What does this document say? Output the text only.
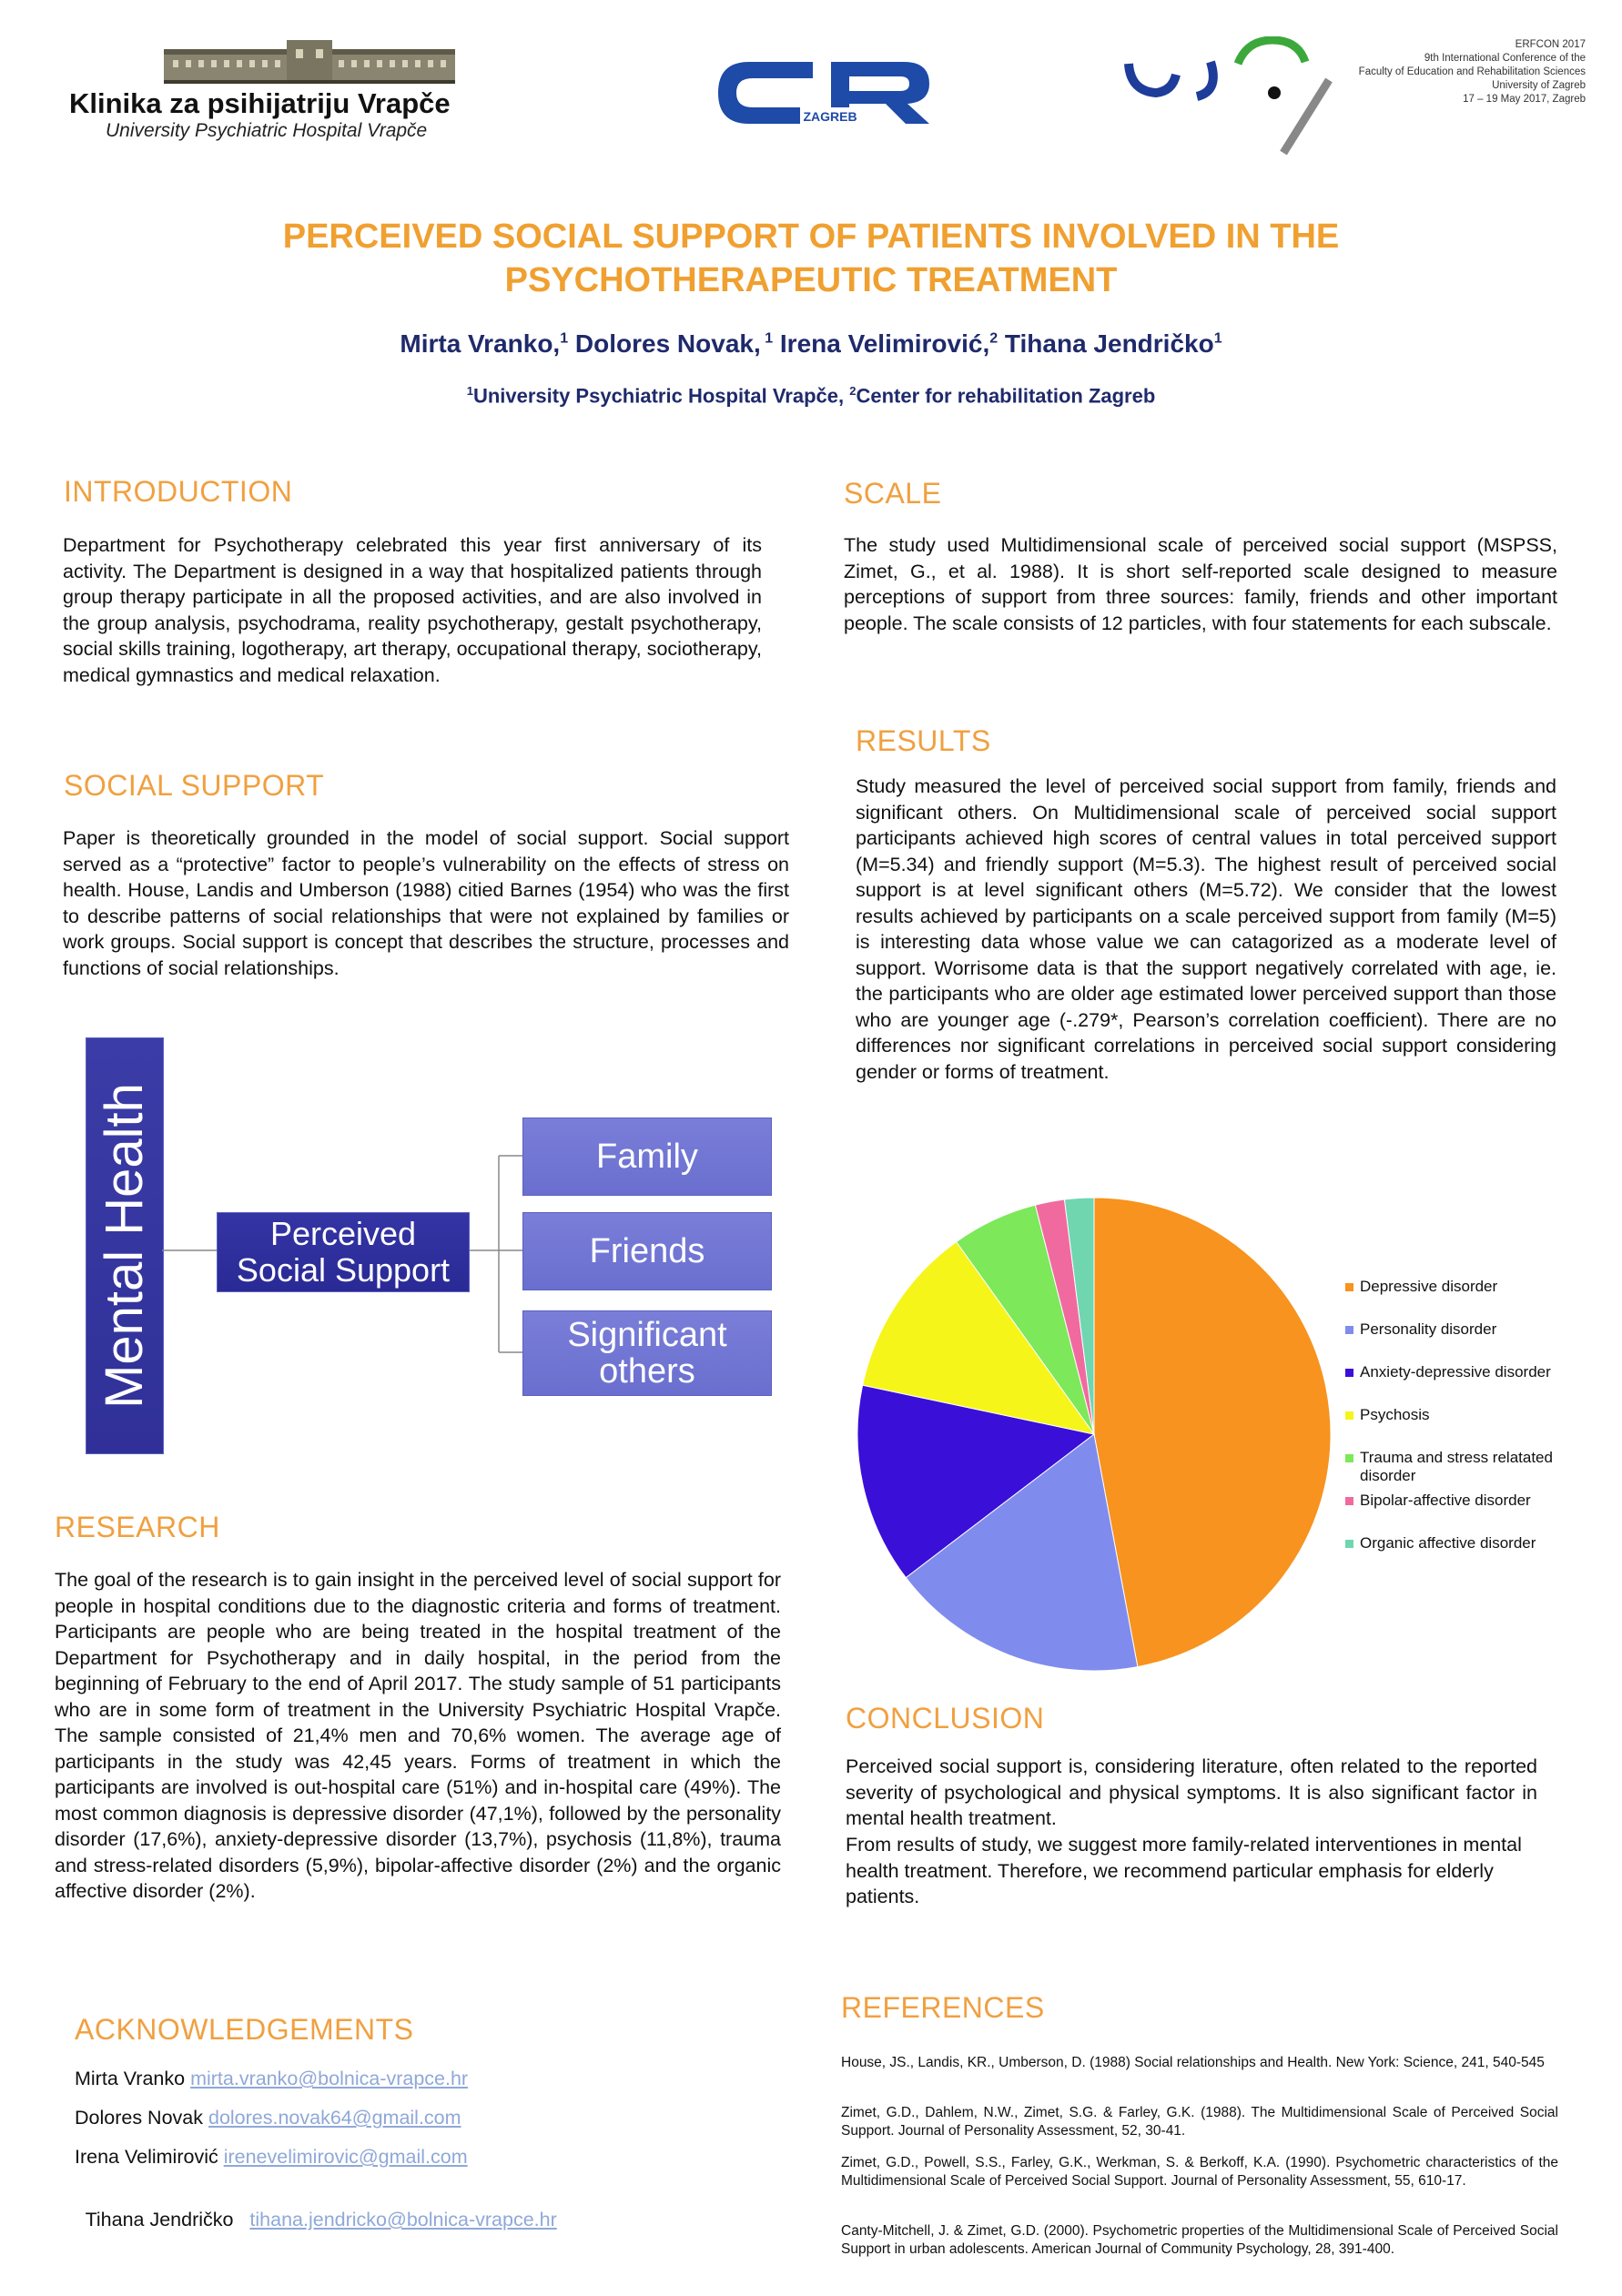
Klinika za psihijatriju Vrapče
University Psychiatric Hospital Vrapče
ZAGREB
ERFCON 2017
9th International Conference of the
Faculty of Education and Rehabilitation Sciences
University of Zagreb
17 – 19 May 2017, Zagreb
PERCEIVED SOCIAL SUPPORT OF PATIENTS INVOLVED IN THE
PSYCHOTHERAPEUTIC TREATMENT
Mirta Vranko,$^1$ Dolores Novak, $^1$ Irena Velimirović,$^2$ Tihana Jendričko$^1$
$^1$University Psychiatric Hospital Vrapče, $^2$Center for rehabilitation Zagreb
INTRODUCTION
Department for Psychotherapy celebrated this year first anniversary of its activity. The Department is designed in a way that hospitalized patients through group therapy participate in all the proposed activities, and are also involved in the group analysis, psychodrama, reality psychotherapy, gestalt psychotherapy, social skills training, logotherapy, art therapy, occupational therapy, sociotherapy, medical gymnastics and medical relaxation.
SOCIAL SUPPORT
Paper is theoretically grounded in the model of social support. Social support served as a “protective” factor to people’s vulnerability on the effects of stress on health. House, Landis and Umberson (1988) citied Barnes (1954) who was the first to describe patterns of social relationships that were not explained by families or work groups. Social support is concept that describes the structure, processes and functions of social relationships.
Mental Health	Perceived
Social Support
Family
Friends
Significant
others
RESEARCH
The goal of the research is to gain insight in the perceived level of social support for people in hospital conditions due to the diagnostic criteria and forms of treatment. Participants are people who are being treated in the hospital treatment of the Department for Psychotherapy and in daily hospital, in the period from the beginning of February to the end of April 2017. The study sample of 51 participants who are in some form of treatment in the University Psychiatric Hospital Vrapče. The sample consisted of 21,4% men and 70,6% women. The average age of participants in the study was 42,45 years. Forms of treatment in which the participants are involved is out-hospital care (51%) and in-hospital care (49%). The most common diagnosis is depressive disorder (47,1%), followed by the personality disorder (17,6%), anxiety-depressive disorder (13,7%), psychosis (11,8%), trauma and stress-related disorders (5,9%), bipolar-affective disorder (2%) and the organic affective disorder (2%).
SCALE
The study used Multidimensional scale of perceived social support (MSPSS, Zimet, G., et al. 1988). It is short self-reported scale designed to measure perceptions of support from three sources: family, friends and other important people. The scale consists of 12 particles, with four statements for each subscale.
RESULTS
Study measured the level of perceived social support from family, friends and significant others. On Multidimensional scale of perceived social support participants achieved high scores of central values in total perceived support (M=5.34) and friendly support (M=5.3). The highest result of perceived social support is at level significant others (M=5.72). We consider that the lowest results achieved by participants on a scale perceived support from family (M=5) is interesting data whose value we can catagorized as a moderate level of support. Worrisome data is that the support negatively correlated with age, ie. the participants who are older age estimated lower perceived support than those who are younger age (-.279*, Pearson’s correlation coefficient). There are no differences nor significant correlations in perceived social support considering gender or forms of treatment.
Depressive disorder
Personality disorder
Anxiety-depressive disorder
Psychosis
Trauma and stress relatated disorder
Bipolar-affective disorder
Organic affective disorder
CONCLUSION
Perceived social support is, considering literature, often related to the reported severity of psychological and physical symptoms. It is also significant factor in mental health treatment.
From results of study, we suggest more family-related interventiones in mental health treatment. Therefore, we recommend particular emphasis for elderly patients.
ACKNOWLEDGEMENTS
Mirta Vranko mirta.vranko@bolnica-vrapce.hr
Dolores Novak dolores.novak64@gmail.com
Irena Velimirović irenevelimirovic@gmail.com

Tihana Jendričko   tihana.jendricko@bolnica-vrapce.hr

REFERENCES
House, JS., Landis, KR., Umberson, D. (1988) Social relationships and Health. New York: Science, 241, 540-545
Zimet, G.D., Dahlem, N.W., Zimet, S.G. & Farley, G.K. (1988). The Multidimensional Scale of Perceived Social Support. Journal of Personality Assessment, 52, 30-41.
Zimet, G.D., Powell, S.S., Farley, G.K., Werkman, S. & Berkoff, K.A. (1990). Psychometric characteristics of the Multidimensional Scale of Perceived Social Support. Journal of Personality Assessment, 55, 610-17.
Canty-Mitchell, J. & Zimet, G.D. (2000). Psychometric properties of the Multidimensional Scale of Perceived Social Support in urban adolescents. American Journal of Community Psychology, 28, 391-400.
